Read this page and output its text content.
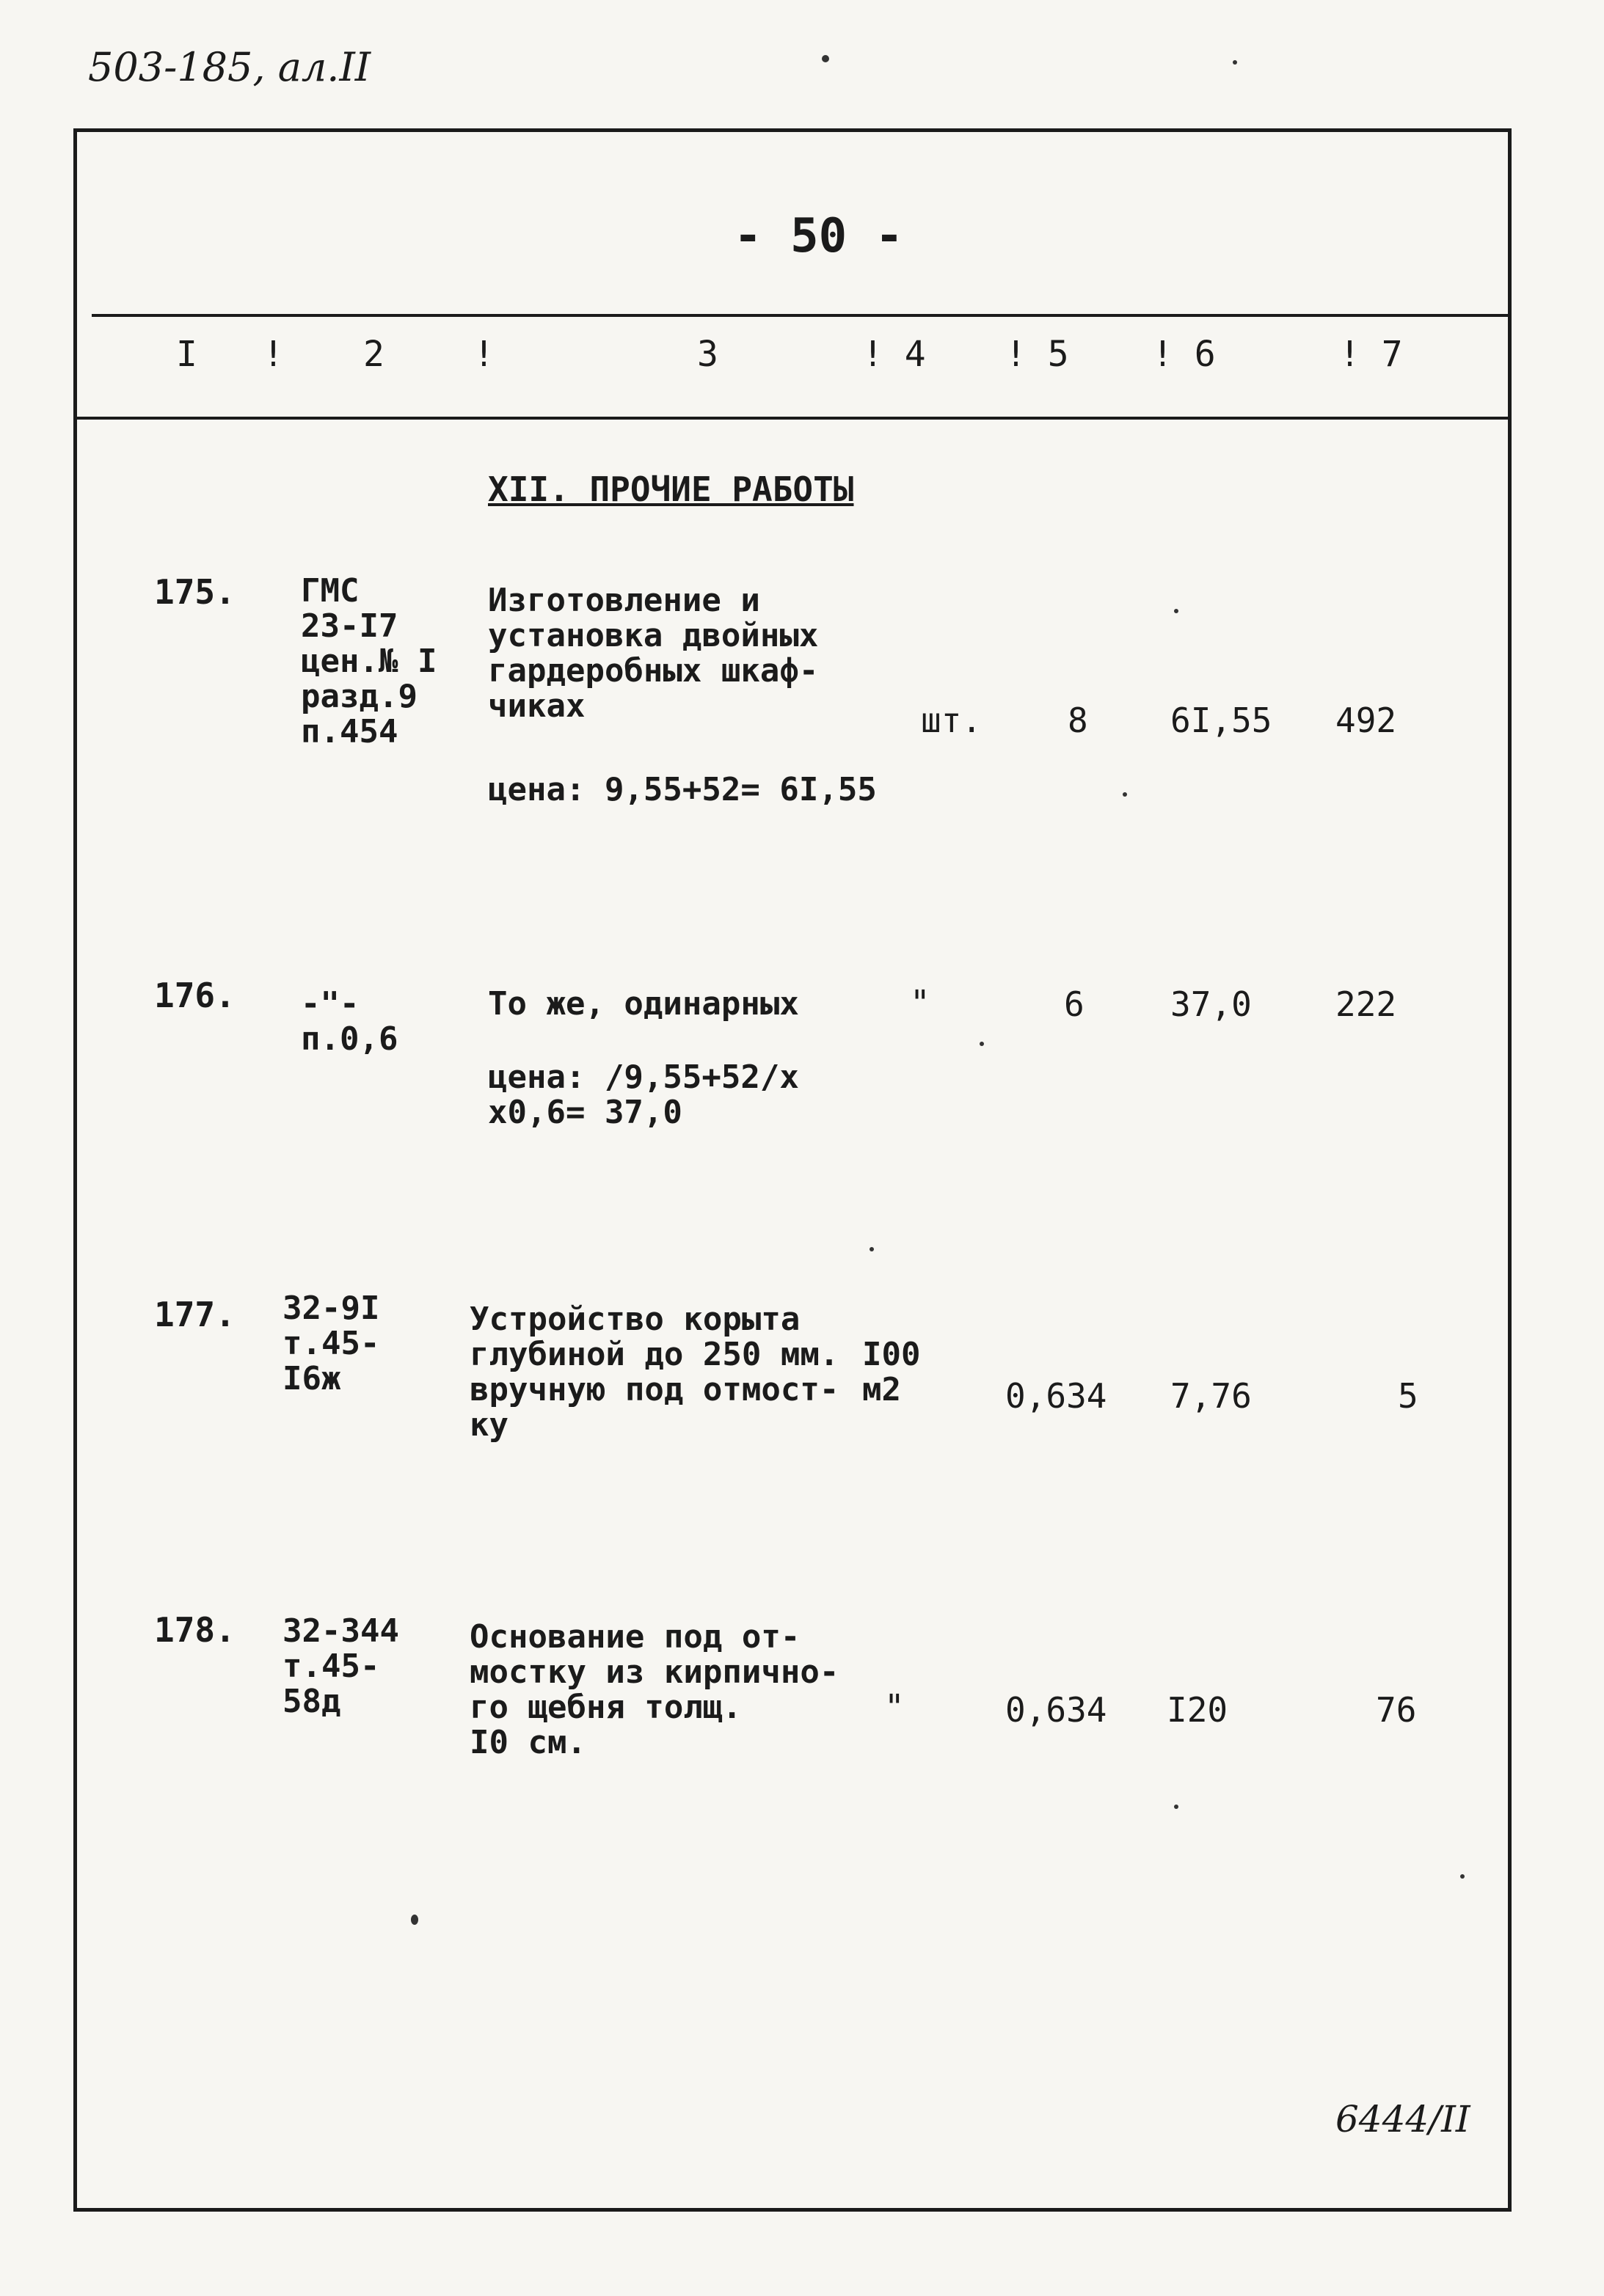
503-185, ал.II
- 50 -
I ! 2	!	3	! 4 ! 5 ! 6	! 7
XII. ПРОЧИЕ РАБОТЫ
175. ГМС
23-I7
цен.№ I
разд.9
п.454
Изготовление и
установка двойных
гардеробных шкаф-
чиках	шт.	8 6I,55 492
цена: 9,55+52= 6I,55
176. -"-
п.0,6
То же, одинарных	"	6	37,0 222
цена: /9,55+52/х
х0,6= 37,0
177. 32-9I
т.45-
I6ж
Устройство корыта
глубиной до 250 мм.
вручную под отмост-
ку
I00
м2	0,634 7,76	5
178. 32-344
т.45-
58д
Основание под от-
мостку из кирпично-
го щебня толщ.
I0 см.
"	0,634 I20	76
6444/II
